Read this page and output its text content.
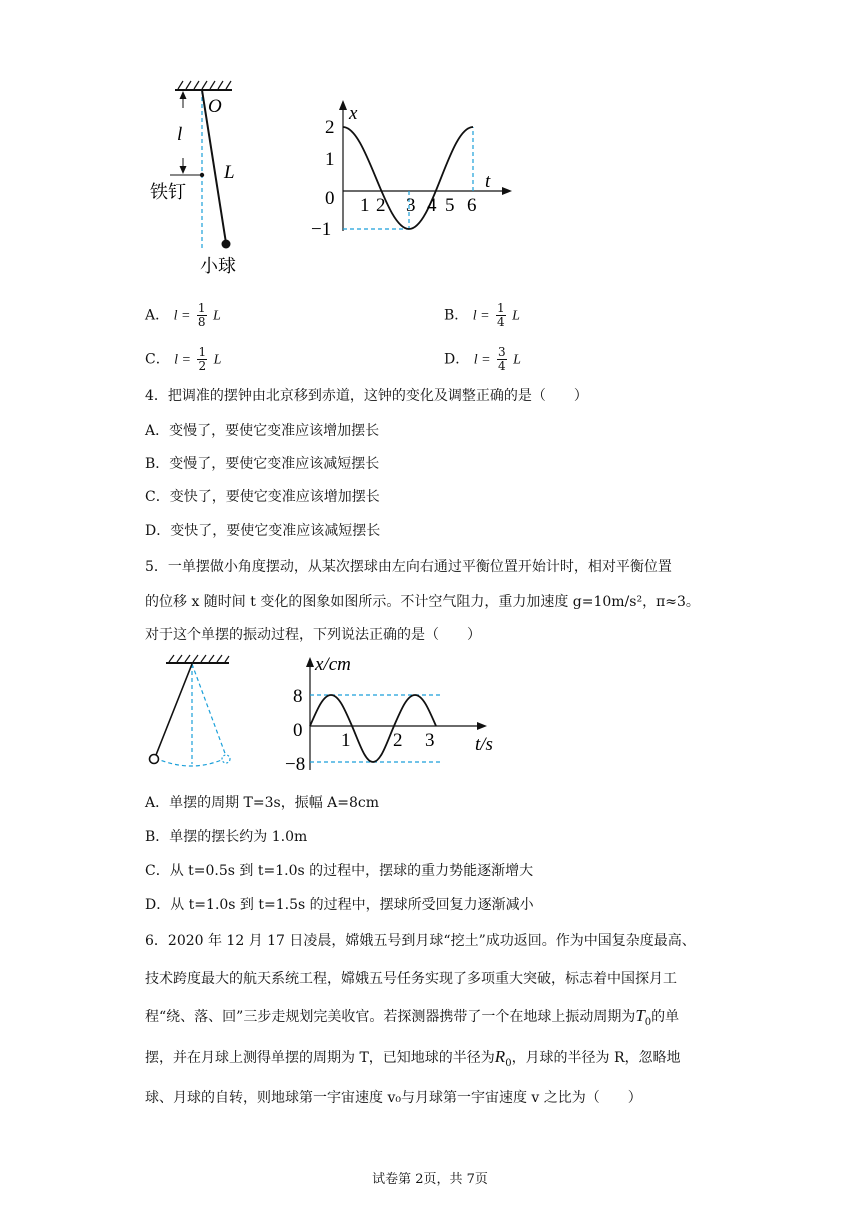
O
l
L
铁钉
小球
x
t
2
1
0
−1
1 2 3 4 5 6
A． $l = \frac{1}{8}$ L	B． $l = \frac{1}{4}$ L
C． $l = \frac{1}{2}$ L	D． $l = \frac{3}{4}$ L
4．把调准的摆钟由北京移到赤道，这钟的变化及调整正确的是（　　）
A．变慢了，要使它变准应该增加摆长
B．变慢了，要使它变准应该减短摆长
C．变快了，要使它变准应该增加摆长
D．变快了，要使它变准应该减短摆长
5．一单摆做小角度摆动，从某次摆球由左向右通过平衡位置开始计时，相对平衡位置
的位移 x 随时间 t 变化的图象如图所示。不计空气阻力，重力加速度 g=10m/s²，π≈3。
对于这个单摆的振动过程，下列说法正确的是（　　）
x/cm
t/s
8
0
−8
1 2 3
A．单摆的周期 T=3s，振幅 A=8cm
B．单摆的摆长约为 1.0m
C．从 t=0.5s 到 t=1.0s 的过程中，摆球的重力势能逐渐增大
D．从 t=1.0s 到 t=1.5s 的过程中，摆球所受回复力逐渐减小
6．2020 年 12 月 17 日凌晨，嫦娥五号到月球“挖土”成功返回。作为中国复杂度最高、
技术跨度最大的航天系统工程，嫦娥五号任务实现了多项重大突破，标志着中国探月工
程“绕、落、回”三步走规划完美收官。若探测器携带了一个在地球上振动周期为$T_0$的单
摆，并在月球上测得单摆的周期为 T，已知地球的半径为$R_0$，月球的半径为 R，忽略地
球、月球的自转，则地球第一宇宙速度 v₀与月球第一宇宙速度 v 之比为（　　）
试卷第 2页，共 7页
